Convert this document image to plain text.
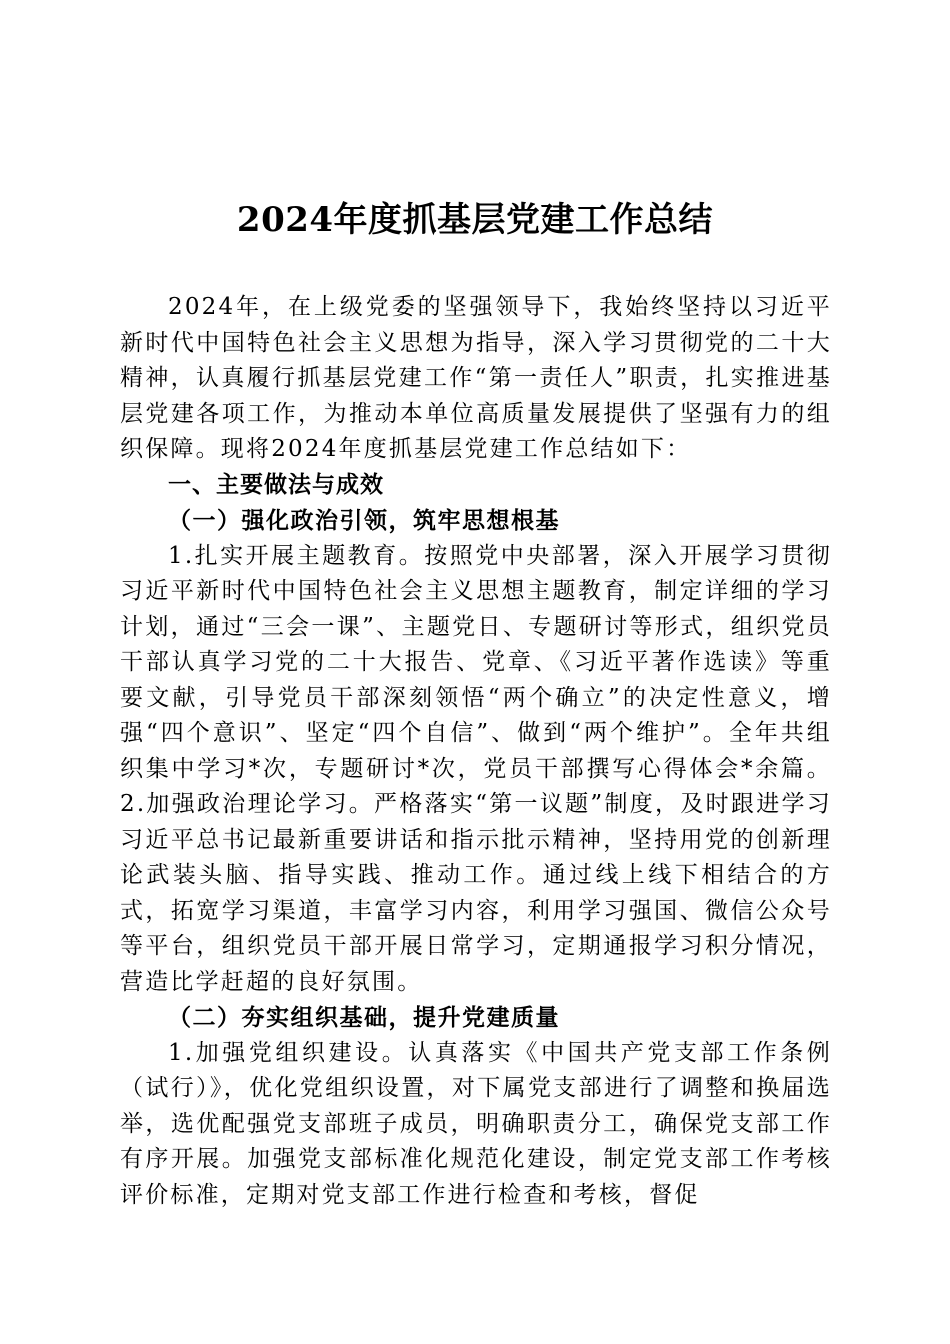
2024年度抓基层党建工作总结

2024年，在上级党委的坚强领导下，我始终坚持以习近平新时代中国特色社会主义思想为指导，深入学习贯彻党的二十大精神，认真履行抓基层党建工作“第一责任人”职责，扎实推进基层党建各项工作，为推动本单位高质量发展提供了坚强有力的组织保障。现将2024年度抓基层党建工作总结如下：

一、主要做法与成效

（一）强化政治引领，筑牢思想根基

1.扎实开展主题教育。按照党中央部署，深入开展学习贯彻习近平新时代中国特色社会主义思想主题教育，制定详细的学习计划，通过“三会一课”、主题党日、专题研讨等形式，组织党员干部认真学习党的二十大报告、党章、《习近平著作选读》等重要文献，引导党员干部深刻领悟“两个确立”的决定性意义，增强“四个意识”、坚定“四个自信”、做到“两个维护”。全年共组织集中学习*次，专题研讨*次，党员干部撰写心得体会*余篇。2.加强政治理论学习。严格落实“第一议题”制度，及时跟进学习习近平总书记最新重要讲话和指示批示精神，坚持用党的创新理论武装头脑、指导实践、推动工作。通过线上线下相结合的方式，拓宽学习渠道，丰富学习内容，利用学习强国、微信公众号等平台，组织党员干部开展日常学习，定期通报学习积分情况，营造比学赶超的良好氛围。

（二）夯实组织基础，提升党建质量

1.加强党组织建设。认真落实《中国共产党支部工作条例（试行）》，优化党组织设置，对下属党支部进行了调整和换届选举，选优配强党支部班子成员，明确职责分工，确保党支部工作有序开展。加强党支部标准化规范化建设，制定党支部工作考核评价标准，定期对党支部工作进行检查和考核，督促
